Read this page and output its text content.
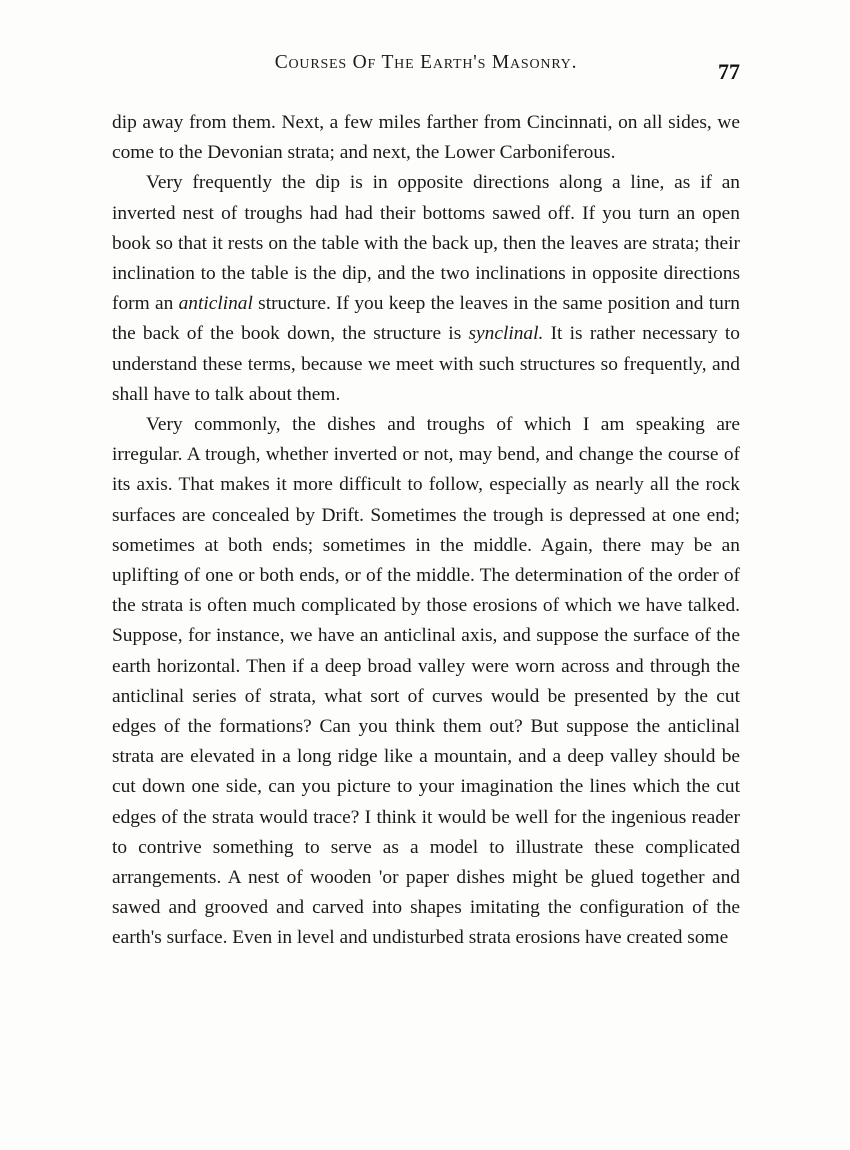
Courses Of The Earth's Masonry.	77

dip away from them. Next, a few miles farther from Cincinnati, on all sides, we come to the Devonian strata; and next, the Lower Carboniferous.

Very frequently the dip is in opposite directions along a line, as if an inverted nest of troughs had had their bottoms sawed off. If you turn an open book so that it rests on the table with the back up, then the leaves are strata; their inclination to the table is the dip, and the two inclinations in opposite directions form an anticlinal structure. If you keep the leaves in the same position and turn the back of the book down, the structure is synclinal. It is rather necessary to understand these terms, because we meet with such structures so frequently, and shall have to talk about them.

Very commonly, the dishes and troughs of which I am speaking are irregular. A trough, whether inverted or not, may bend, and change the course of its axis. That makes it more difficult to follow, especially as nearly all the rock surfaces are concealed by Drift. Sometimes the trough is depressed at one end; sometimes at both ends; sometimes in the middle. Again, there may be an uplifting of one or both ends, or of the middle. The determination of the order of the strata is often much complicated by those erosions of which we have talked. Suppose, for instance, we have an anticlinal axis, and suppose the surface of the earth horizontal. Then if a deep broad valley were worn across and through the anticlinal series of strata, what sort of curves would be presented by the cut edges of the formations? Can you think them out? But suppose the anticlinal strata are elevated in a long ridge like a mountain, and a deep valley should be cut down one side, can you picture to your imagination the lines which the cut edges of the strata would trace? I think it would be well for the ingenious reader to contrive something to serve as a model to illustrate these complicated arrangements. A nest of wooden 'or paper dishes might be glued together and sawed and grooved and carved into shapes imitating the configuration of the earth's surface. Even in level and undisturbed strata erosions have created some
